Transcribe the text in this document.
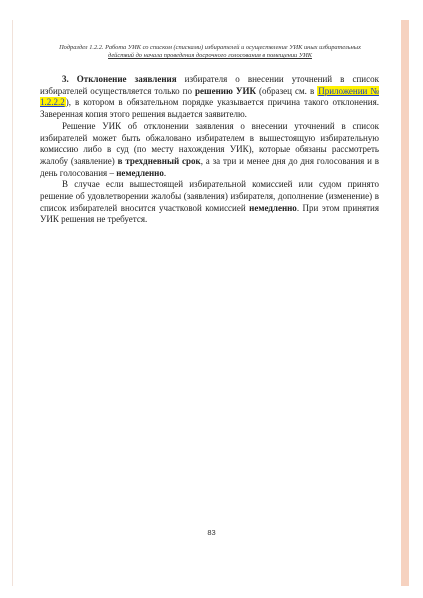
Подраздел 1.2.2. Работа УИК со списком (списками) избирателей и осуществление УИК иных избирательных
действий до начала проведения досрочного голосования в помещении УИК

3. Отклонение заявления избирателя о внесении уточнений в список избирателей осуществляется только по решению УИК (образец см. в Приложении № 1.2.2.2), в котором в обязательном порядке указывается причина такого отклонения. Заверенная копия этого решения выдается заявителю.

Решение УИК об отклонении заявления о внесении уточнений в список избирателей может быть обжаловано избирателем в вышестоящую избирательную комиссию либо в суд (по месту нахождения УИК), которые обязаны рассмотреть жалобу (заявление) в трехдневный срок, а за три и менее дня до дня голосования и в день голосования – немедленно.

В случае если вышестоящей избирательной комиссией или судом принято решение об удовлетворении жалобы (заявления) избирателя, дополнение (изменение) в список избирателей вносится участковой комиссией немедленно. При этом принятия УИК решения не требуется.

83
